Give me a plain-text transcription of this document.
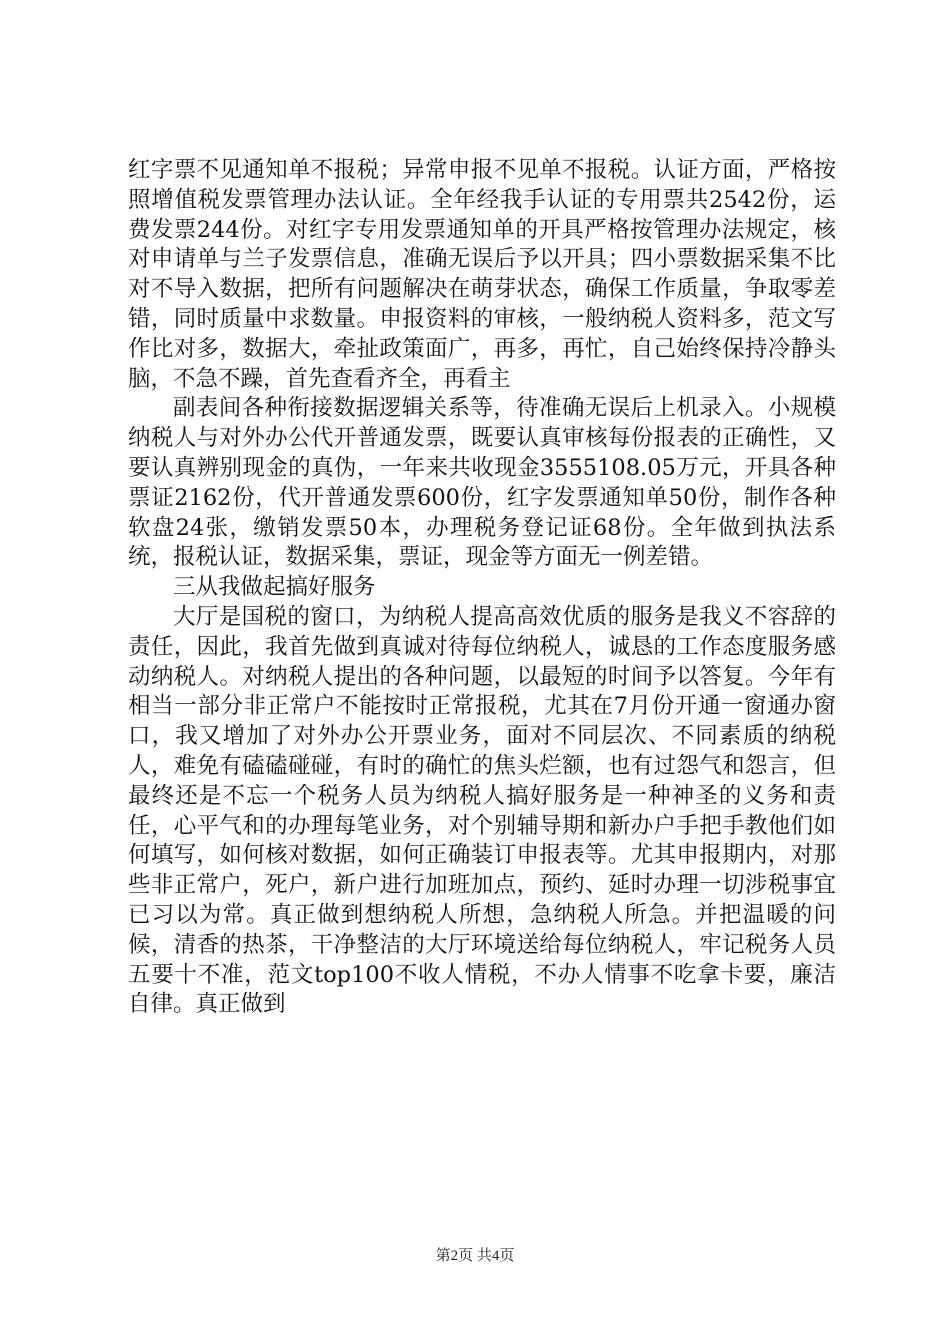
红字票不见通知单不报税；异常申报不见单不报税。认证方面，严格按照增值税发票管理办法认证。全年经我手认证的专用票共2542份，运费发票244份。对红字专用发票通知单的开具严格按管理办法规定，核对申请单与兰子发票信息，准确无误后予以开具；四小票数据采集不比对不导入数据，把所有问题解决在萌芽状态，确保工作质量，争取零差错，同时质量中求数量。申报资料的审核，一般纳税人资料多，范文写作比对多，数据大，牵扯政策面广，再多，再忙，自己始终保持冷静头脑，不急不躁，首先查看齐全，再看主

副表间各种衔接数据逻辑关系等，待准确无误后上机录入。小规模纳税人与对外办公代开普通发票，既要认真审核每份报表的正确性，又要认真辨别现金的真伪，一年来共收现金3555108.05万元，开具各种票证2162份，代开普通发票600份，红字发票通知单50份，制作各种软盘24张，缴销发票50本，办理税务登记证68份。全年做到执法系统，报税认证，数据采集，票证，现金等方面无一例差错。

三从我做起搞好服务

大厅是国税的窗口，为纳税人提高高效优质的服务是我义不容辞的责任，因此，我首先做到真诚对待每位纳税人，诚恳的工作态度服务感动纳税人。对纳税人提出的各种问题，以最短的时间予以答复。今年有相当一部分非正常户不能按时正常报税，尤其在7月份开通一窗通办窗口，我又增加了对外办公开票业务，面对不同层次、不同素质的纳税人，难免有磕磕碰碰，有时的确忙的焦头烂额，也有过怨气和怨言，但最终还是不忘一个税务人员为纳税人搞好服务是一种神圣的义务和责任，心平气和的办理每笔业务，对个别辅导期和新办户手把手教他们如何填写，如何核对数据，如何正确装订申报表等。尤其申报期内，对那些非正常户，死户，新户进行加班加点，预约、延时办理一切涉税事宜已习以为常。真正做到想纳税人所想，急纳税人所急。并把温暖的问候，清香的热茶，干净整洁的大厅环境送给每位纳税人，牢记税务人员五要十不准，范文top100不收人情税，不办人情事不吃拿卡要，廉洁自律。真正做到

第2页 共4页
